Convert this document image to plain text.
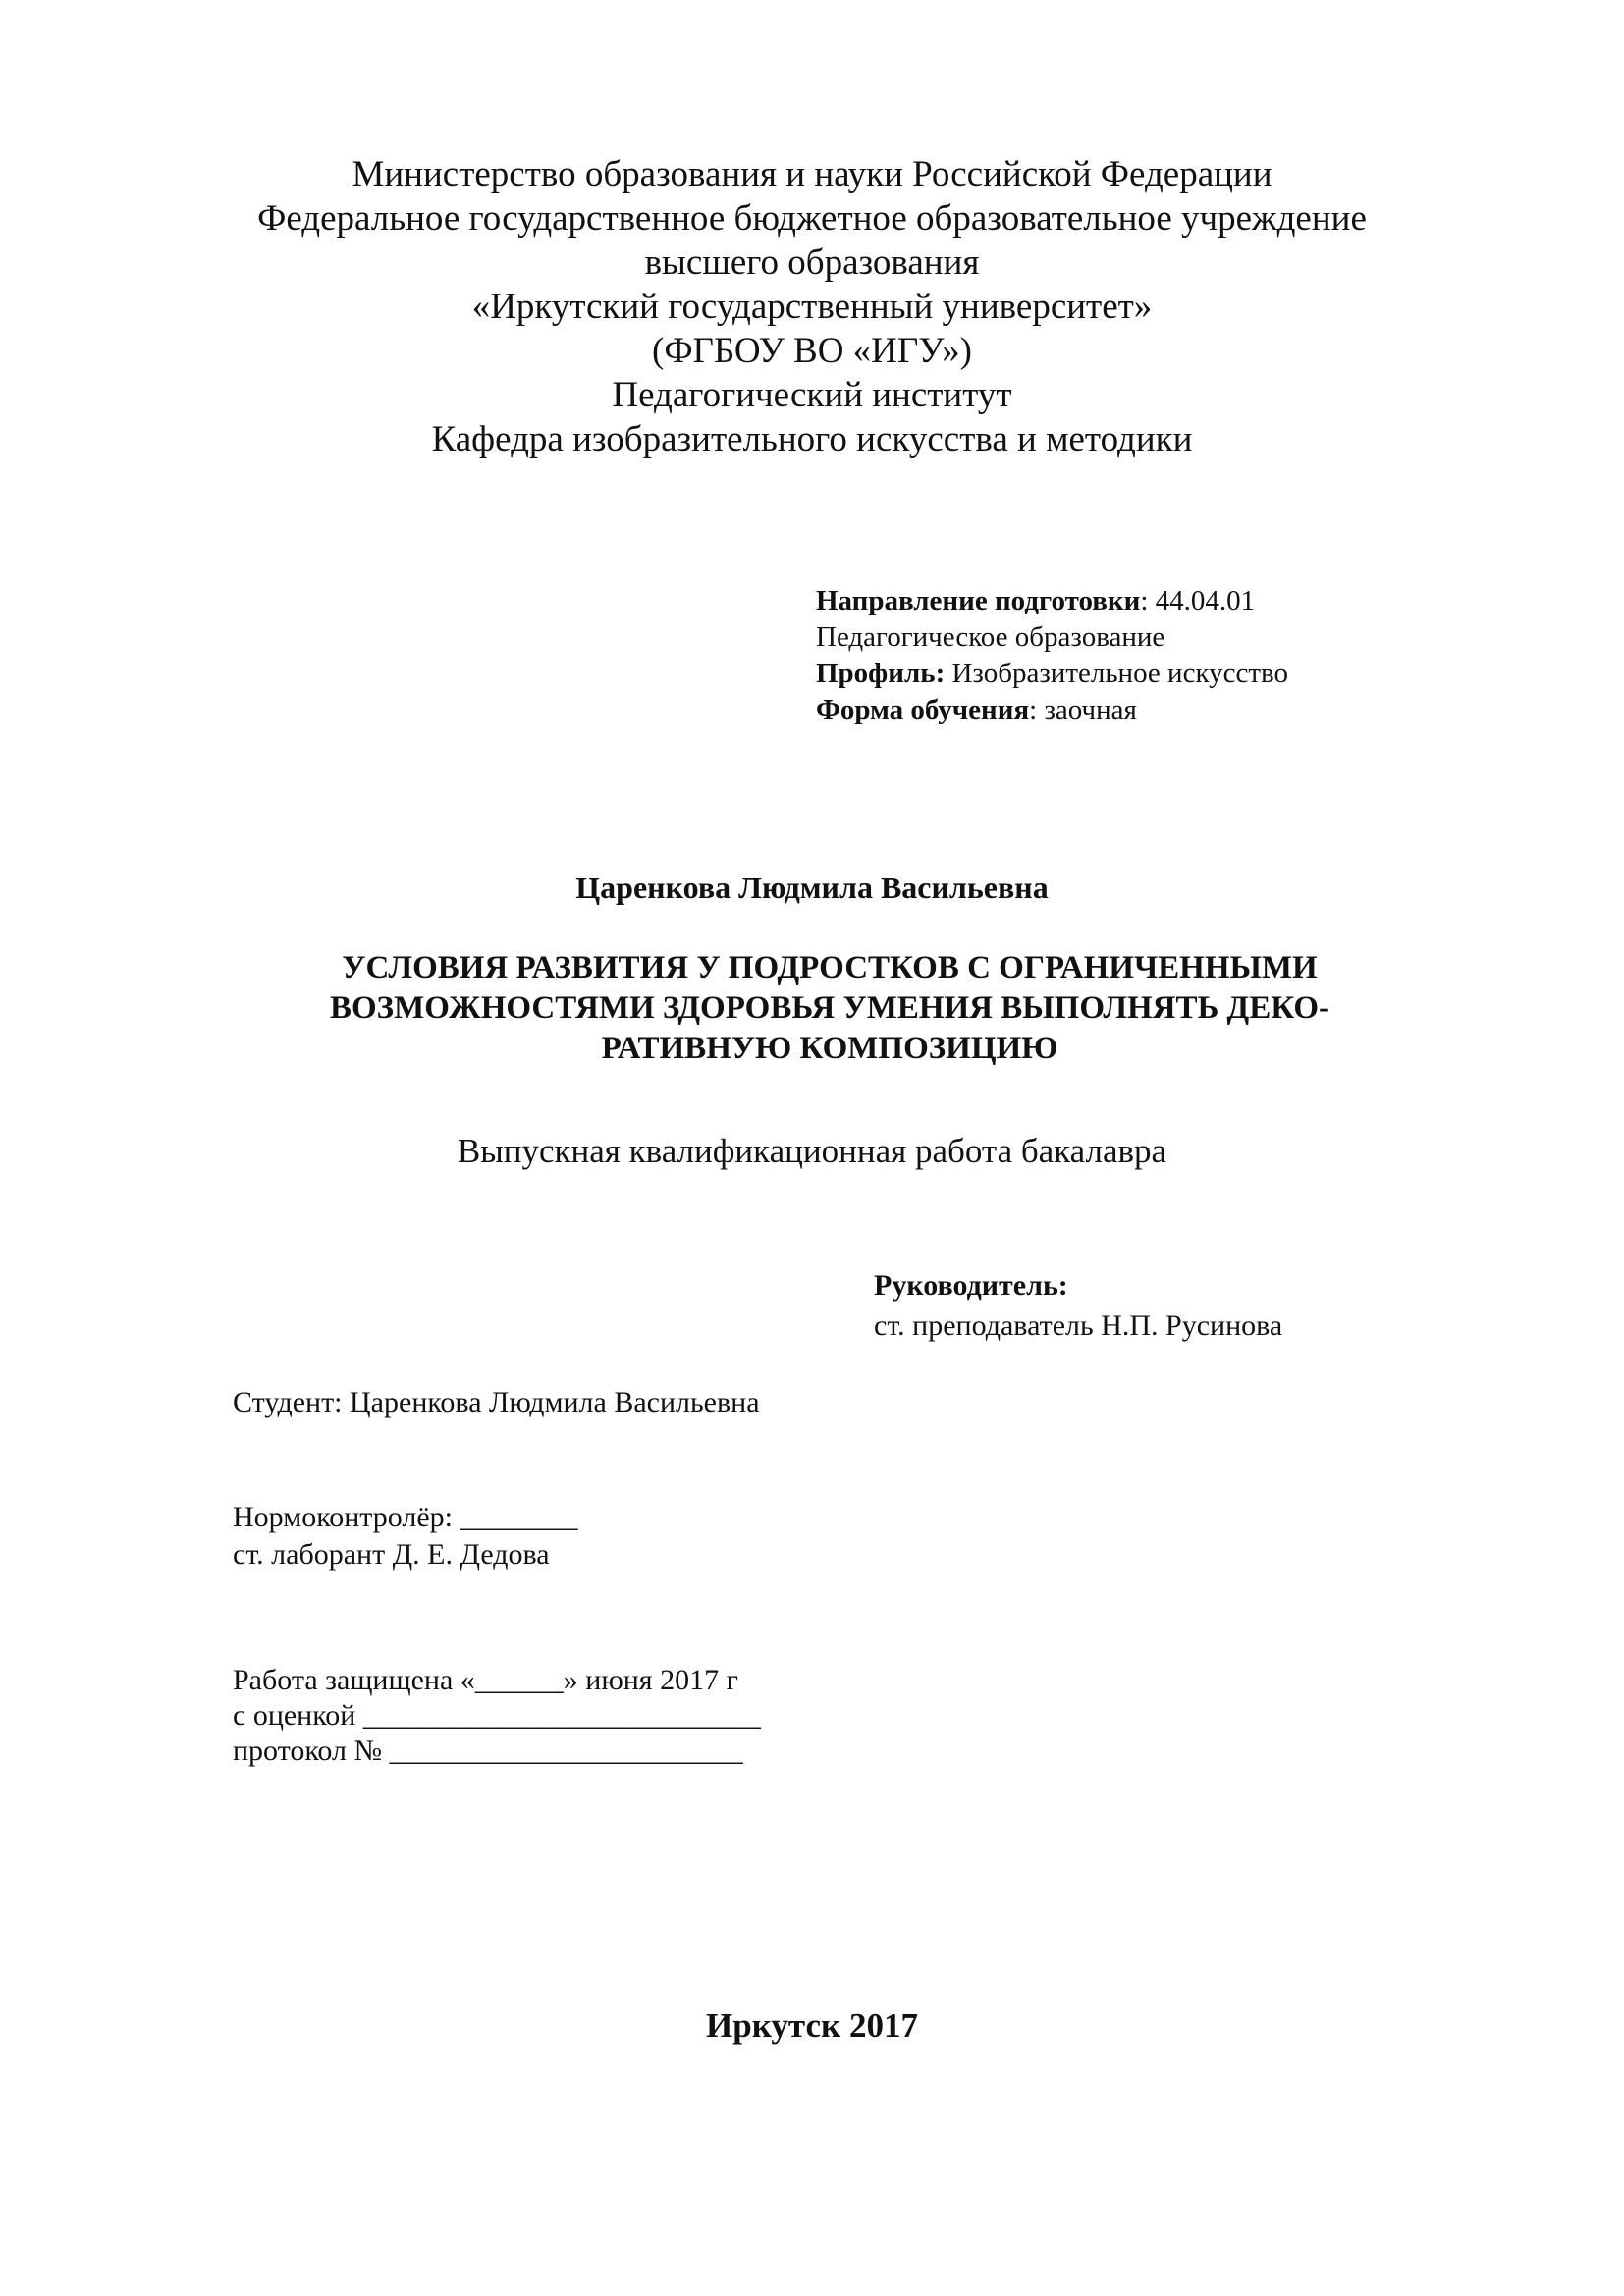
Министерство образования и науки Российской Федерации
Федеральное государственное бюджетное образовательное учреждение
высшего образования
«Иркутский государственный университет»
(ФГБОУ ВО «ИГУ»)
Педагогический институт
Кафедра изобразительного искусства и методики
Направление подготовки: 44.04.01
Педагогическое образование
Профиль: Изобразительное искусство
Форма обучения: заочная
Царенкова Людмила Васильевна
УСЛОВИЯ РАЗВИТИЯ У ПОДРОСТКОВ С ОГРАНИЧЕННЫМИ
ВОЗМОЖНОСТЯМИ ЗДОРОВЬЯ УМЕНИЯ ВЫПОЛНЯТЬ ДЕКО-
РАТИВНУЮ КОМПОЗИЦИЮ
Выпускная квалификационная работа бакалавра
Руководитель:
ст. преподаватель Н.П. Русинова
Студент: Царенкова Людмила Васильевна
Нормоконтролёр: ________
ст. лаборант Д. Е. Дедова
Работа защищена «______» июня 2017 г
с оценкой ___________________________
протокол № ________________________
Иркутск 2017
